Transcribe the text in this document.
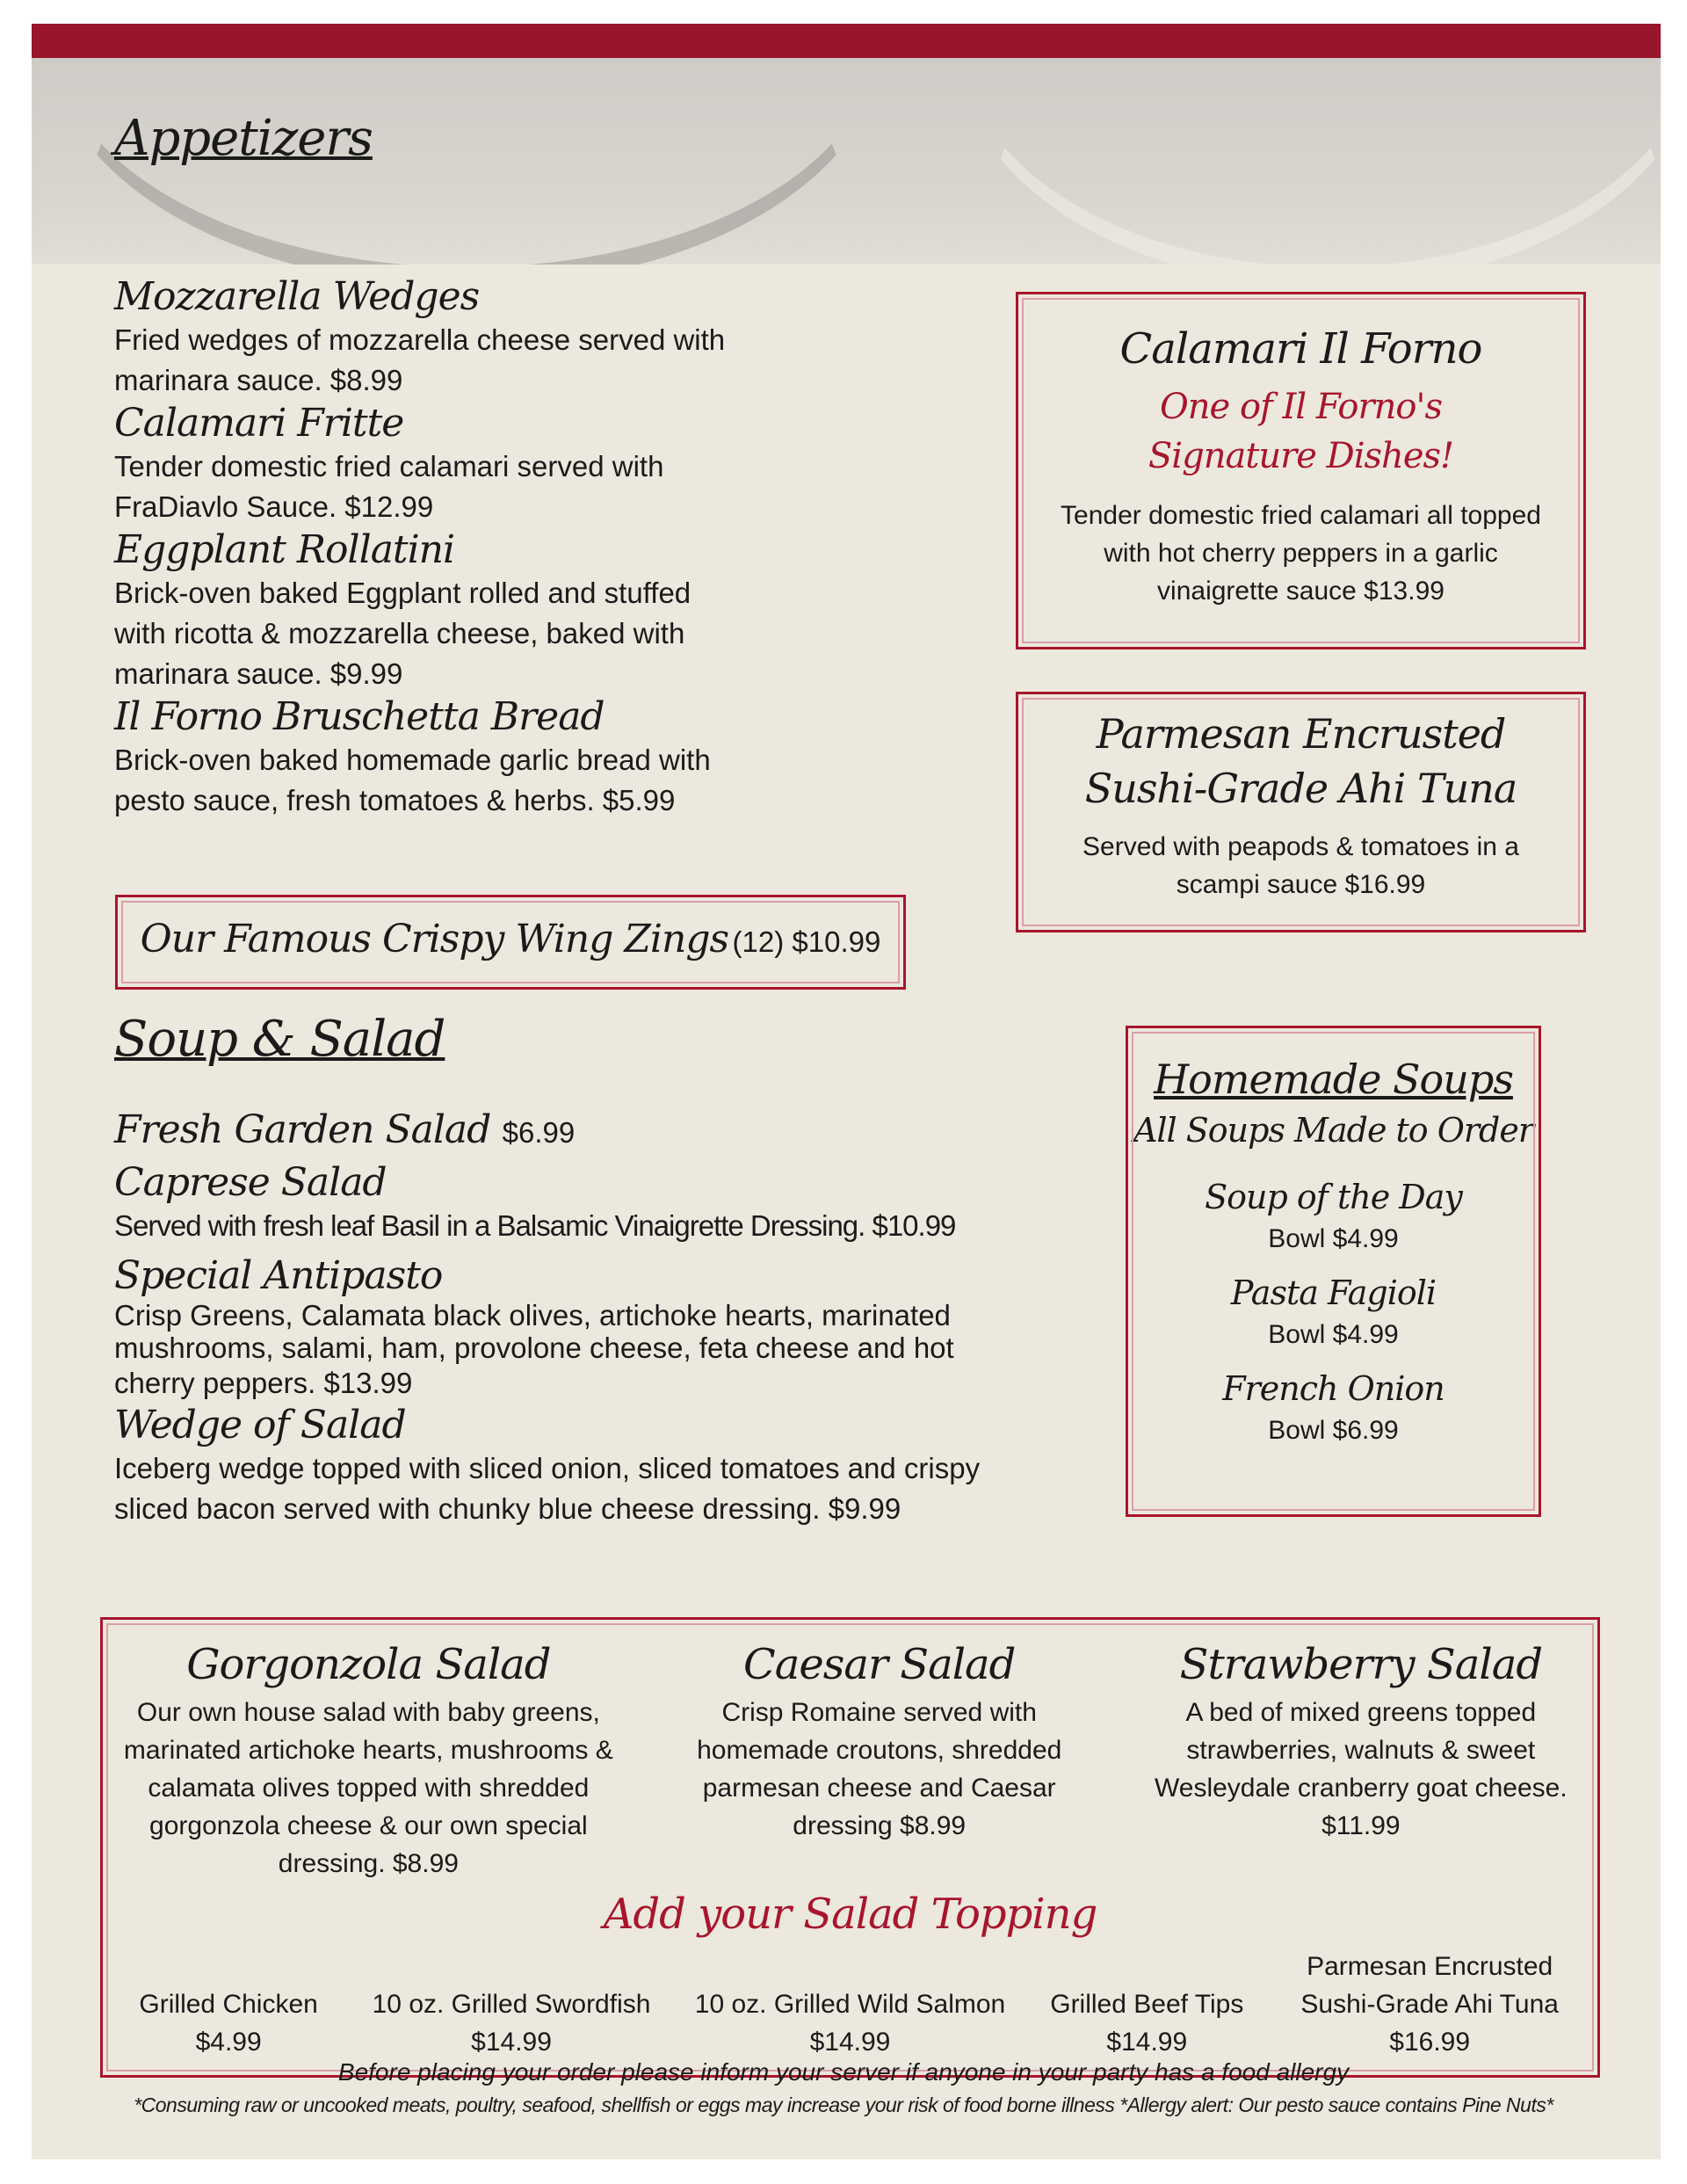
Appetizers
Mozzarella Wedges
Fried wedges of mozzarella cheese served with
marinara sauce. $8.99
Calamari Fritte
Tender domestic fried calamari served with
FraDiavlo Sauce. $12.99
Eggplant Rollatini
Brick-oven baked Eggplant rolled and stuffed
with ricotta & mozzarella cheese, baked with
marinara sauce. $9.99
Il Forno Bruschetta Bread
Brick-oven baked homemade garlic bread with
pesto sauce, fresh tomatoes & herbs. $5.99
Our Famous Crispy Wing Zings (12) $10.99
Calamari Il Forno
One of Il Forno's
Signature Dishes!
Tender domestic fried calamari all topped with hot cherry peppers in a garlic vinaigrette sauce $13.99
Parmesan Encrusted
Sushi-Grade Ahi Tuna
Served with peapods & tomatoes in a scampi sauce $16.99
Soup & Salad
Fresh Garden Salad $6.99
Caprese Salad
Served with fresh leaf Basil in a Balsamic Vinaigrette Dressing. $10.99
Special Antipasto
Crisp Greens, Calamata black olives, artichoke hearts, marinated
mushrooms, salami, ham, provolone cheese, feta cheese and hot
cherry peppers. $13.99
Wedge of Salad
Iceberg wedge topped with sliced onion, sliced tomatoes and crispy
sliced bacon served with chunky blue cheese dressing. $9.99
Homemade Soups
All Soups Made to Order
Soup of the Day
Bowl $4.99
Pasta Fagioli
Bowl $4.99
French Onion
Bowl $6.99
Gorgonzola Salad
Our own house salad with baby greens, marinated artichoke hearts, mushrooms & calamata olives topped with shredded gorgonzola cheese & our own special dressing. $8.99
Caesar Salad
Crisp Romaine served with homemade croutons, shredded parmesan cheese and Caesar dressing $8.99
Strawberry Salad
A bed of mixed greens topped strawberries, walnuts & sweet Wesleydale cranberry goat cheese. $11.99
Add your Salad Topping
Grilled Chicken
$4.99
10 oz. Grilled Swordfish
$14.99
10 oz. Grilled Wild Salmon
$14.99
Grilled Beef Tips
$14.99
Parmesan Encrusted Sushi-Grade Ahi Tuna
$16.99
Before placing your order please inform your server if anyone in your party has a food allergy
*Consuming raw or uncooked meats, poultry, seafood, shellfish or eggs may increase your risk of food borne illness *Allergy alert: Our pesto sauce contains Pine Nuts*
